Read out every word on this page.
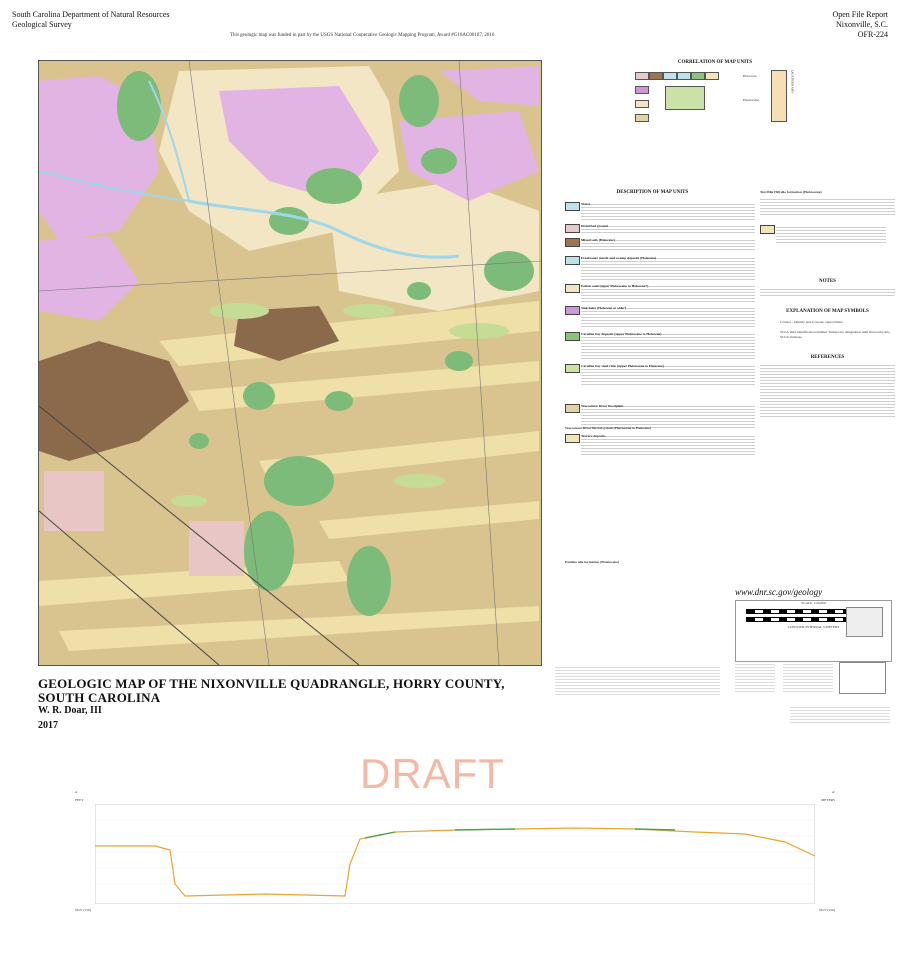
South Carolina Department of Natural Resources
Geological Survey
This geologic map was funded in part by the USGS National Cooperative Geologic Mapping Program, Award #G16AC00187, 2016
Open File Report
Nixonville, S.C.
OFR-224
CORRELATION OF MAP UNITS
Holocene
Pleistocene
QUATERNARY
DESCRIPTION OF MAP UNITS
Water
Disturbed ground
Mixed soils (Holocene)
Freshwater marsh and swamp deposits (Holocene)
Eolian sand (upper Pleistocene to Holocene?)
Sink holes (Holocene or older)
Carolina bay deposits (upper Pleistocene to Holocene)
Carolina bay sand rims (upper Pleistocene to Holocene)
Waccamaw River floodplain
Terrace deposits
Waccamaw River fluvial system (Pleistocene to Holocene)
Pamlico allo formation (Pleistocene)
Ten Mile Hill allo formation (Pleistocene)
NOTES
EXPLANATION OF MAP SYMBOLS
Contact - Identify and accurate; approximate
SCGS field identification number. Temporary designation until final entry into SCGS database.
REFERENCES
www.dnr.sc.gov/geology
SCALE 1:24,000
CONTOUR INTERVAL 5 METERS
GEOLOGIC MAP OF THE NIXONVILLE QUADRANGLE, HORRY COUNTY,
SOUTH CAROLINA
W. R. Doar, III
2017
DRAFT
A	A'
FEET	METERS
NGV (150)	NGV (150)
